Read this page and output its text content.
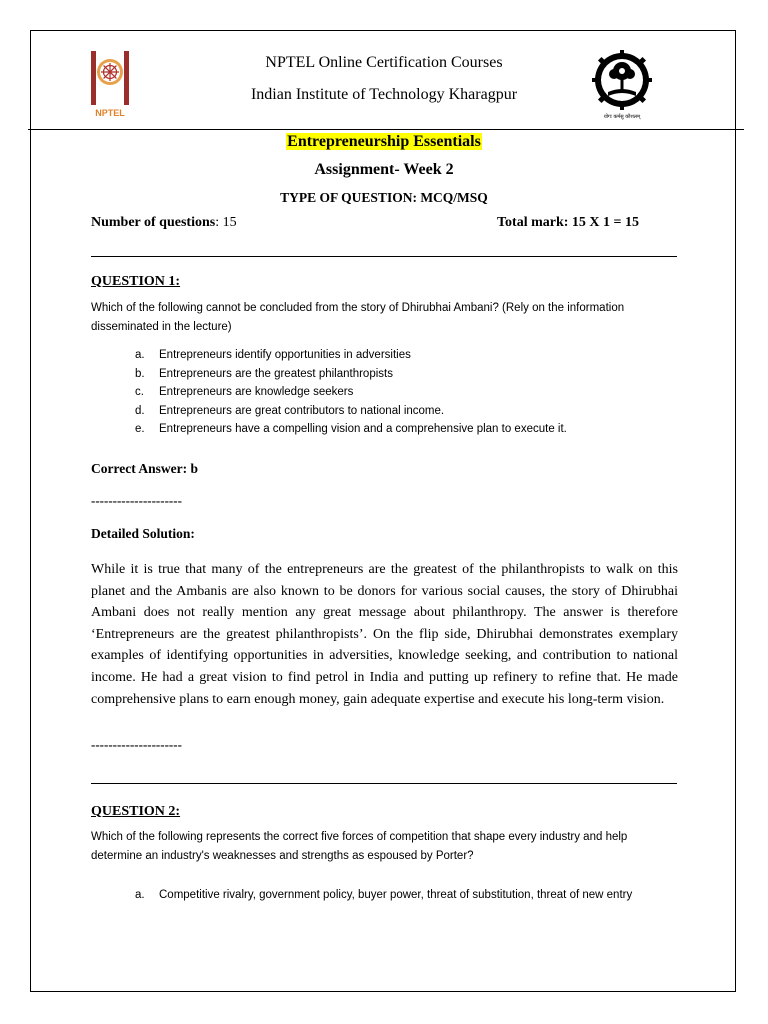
NPTEL	योगः कर्मसु कौशलम्
NPTEL Online Certification Courses
Indian Institute of Technology Kharagpur
Entrepreneurship Essentials
Assignment- Week 2
TYPE OF QUESTION: MCQ/MSQ
Number of questions: 15	Total mark: 15 X 1 = 15
QUESTION 1:
Which of the following cannot be concluded from the story of Dhirubhai Ambani? (Rely on the information disseminated in the lecture)
a.	Entrepreneurs identify opportunities in adversities
b.	Entrepreneurs are the greatest philanthropists
c.	Entrepreneurs are knowledge seekers
d.	Entrepreneurs are great contributors to national income.
e.	Entrepreneurs have a compelling vision and a comprehensive plan to execute it.
Correct Answer: b
---------------------
Detailed Solution:
While it is true that many of the entrepreneurs are the greatest of the philanthropists to walk on this planet and the Ambanis are also known to be donors for various social causes, the story of Dhirubhai Ambani does not really mention any great message about philanthropy. The answer is therefore ‘Entrepreneurs are the greatest philanthropists’. On the flip side, Dhirubhai demonstrates exemplary examples of identifying opportunities in adversities, knowledge seeking, and contribution to national income. He had a great vision to find petrol in India and putting up refinery to refine that. He made comprehensive plans to earn enough money, gain adequate expertise and execute his long-term vision.
---------------------
QUESTION 2:
Which of the following represents the correct five forces of competition that shape every industry and help determine an industry's weaknesses and strengths as espoused by Porter?
a.	Competitive rivalry, government policy, buyer power, threat of substitution, threat of new entry
